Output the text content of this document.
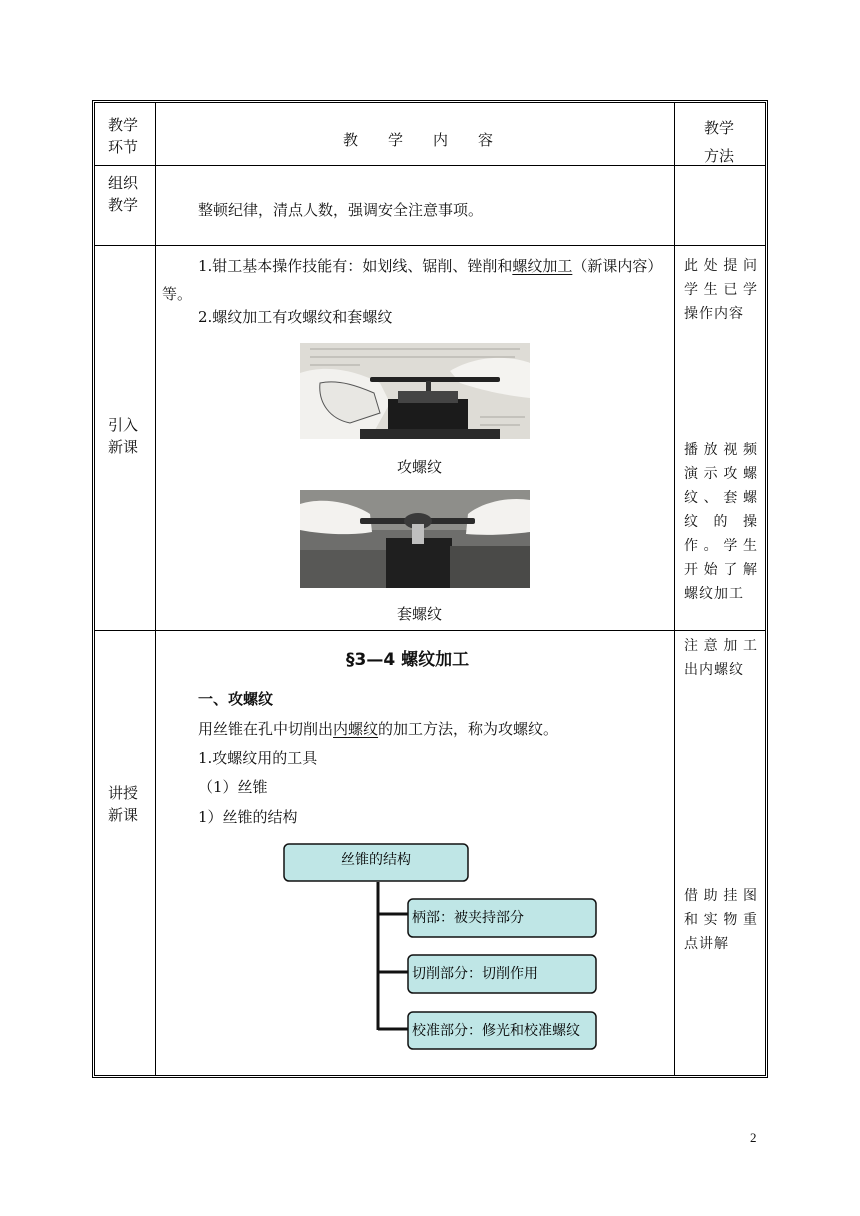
教学
环节	教　　学　　内　　容
教学
方法
组织
教学	整顿纪律，清点人数，强调安全注意事项。
引入
新课
1.钳工基本操作技能有：如划线、锯削、锉削和螺纹加工（新课内容）等。
2.螺纹加工有攻螺纹和套螺纹
攻螺纹
套螺纹
此处提问学生已学操作内容
播放视频演示攻螺纹、套螺纹的操作。学生开始了解螺纹加工
讲授
新课
§3—4 螺纹加工
一、攻螺纹
用丝锥在孔中切削出内螺纹的加工方法，称为攻螺纹。
1.攻螺纹用的工具
（1）丝锥
1）丝锥的结构
丝锥的结构
柄部：被夹持部分
切削部分：切削作用
校准部分：修光和校准螺纹
注意加工出内螺纹
借助挂图和实物重点讲解
2
